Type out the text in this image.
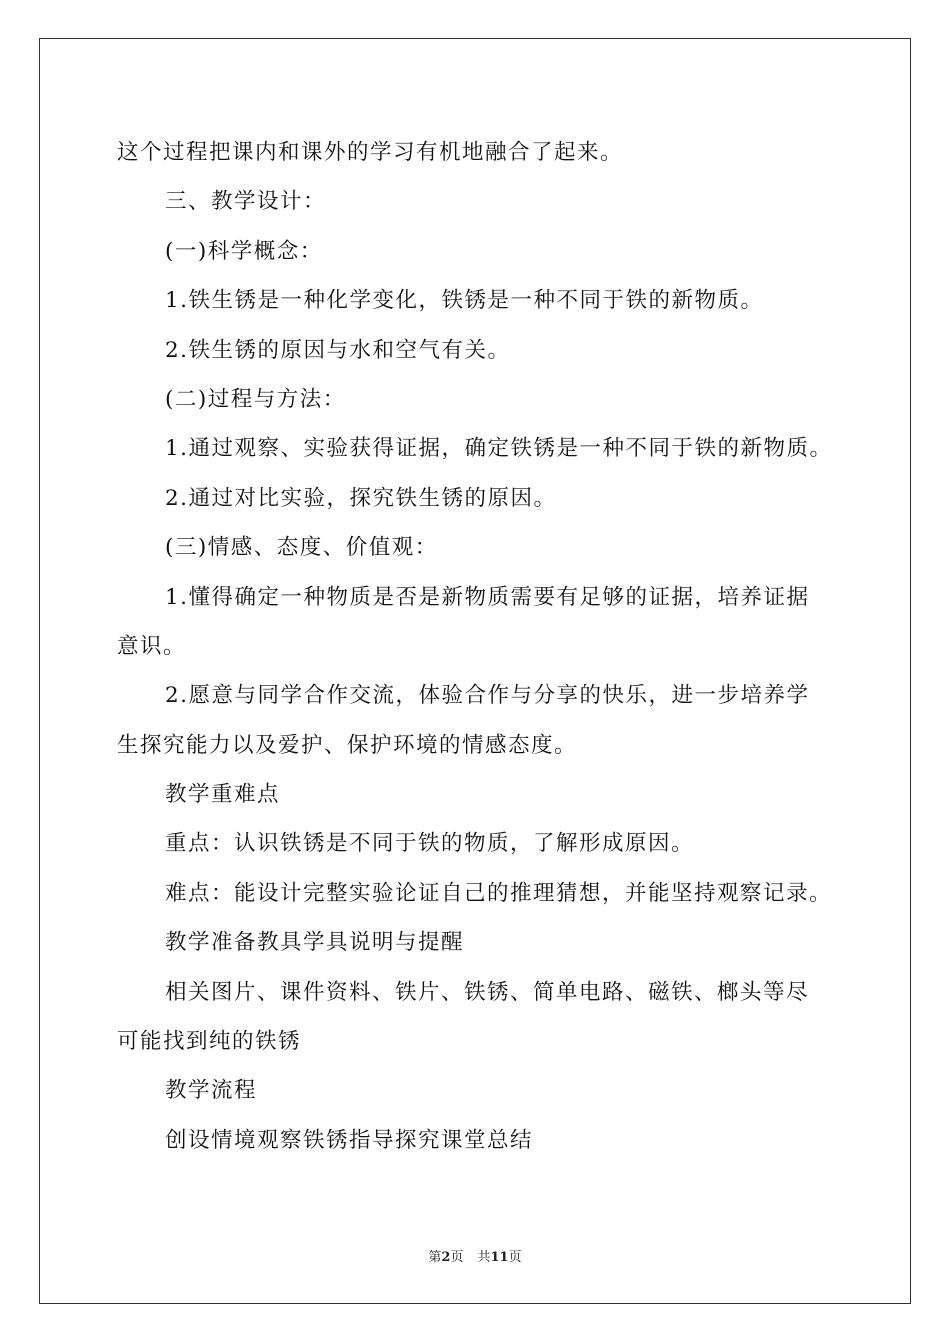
这个过程把课内和课外的学习有机地融合了起来。
三、教学设计：
(一)科学概念：
1.铁生锈是一种化学变化，铁锈是一种不同于铁的新物质。
2.铁生锈的原因与水和空气有关。
(二)过程与方法：
1.通过观察、实验获得证据，确定铁锈是一种不同于铁的新物质。
2.通过对比实验，探究铁生锈的原因。
(三)情感、态度、价值观：
1.懂得确定一种物质是否是新物质需要有足够的证据，培养证据
意识。
2.愿意与同学合作交流，体验合作与分享的快乐，进一步培养学
生探究能力以及爱护、保护环境的情感态度。
教学重难点
重点：认识铁锈是不同于铁的物质，了解形成原因。
难点：能设计完整实验论证自己的推理猜想，并能坚持观察记录。
教学准备教具学具说明与提醒
相关图片、课件资料、铁片、铁锈、简单电路、磁铁、榔头等尽
可能找到纯的铁锈
教学流程
创设情境观察铁锈指导探究课堂总结
第2页 共11页
